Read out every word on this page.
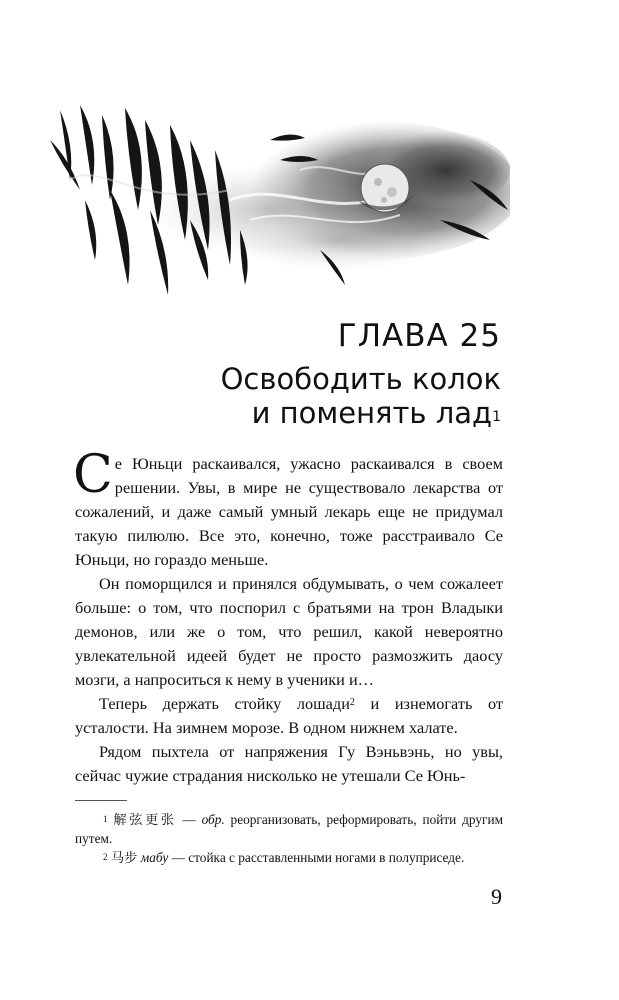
ГЛАВА 25
Освободить колок
и поменять лад$^1$

Се Юньци раскаивался, ужасно раскаивался в своем решении. Увы, в мире не существовало лекарства от сожалений, и даже самый умный лекарь еще не придумал такую пилюлю. Все это, конечно, тоже расстраивало Се Юньци, но гораздо меньше.

Он поморщился и принялся обдумывать, о чем сожалеет больше: о том, что поспорил с братьями на трон Владыки демонов, или же о том, что решил, какой невероятно увлекательной идеей будет не просто размозжить даосу мозги, а напроситься к нему в ученики и…

Теперь держать стойку лошади$^2$ и изнемогать от усталости. На зимнем морозе. В одном нижнем халате.

Рядом пыхтела от напряжения Гу Вэньвэнь, но увы, сейчас чужие страдания нисколько не утешали Се Юнь-

$^1$ 解弦更张 — обр. реорганизовать, реформировать, пойти другим путем.

$^2$ 马步 мабу — стойка с расставленными ногами в полуприседе.

9
